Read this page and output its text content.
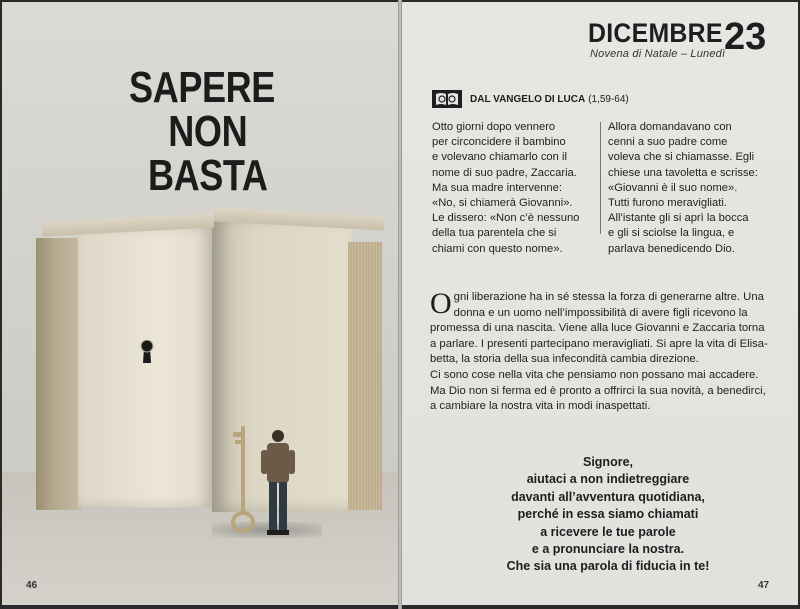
SAPERE
NON BASTA
DICEMBRE 23
Novena di Natale – Lunedì
DAL VANGELO DI LUCA (1,59-64)

Otto giorni dopo vennero

per circoncidere il bambino

e volevano chiamarlo con il

nome di suo padre, Zaccaria.

Ma sua madre intervenne:

«No, si chiamerà Giovanni».

Le dissero: «Non c’è nessuno

della tua parentela che si

chiami con questo nome».

Allora domandavano con

cenni a suo padre come

voleva che si chiamasse. Egli

chiese una tavoletta e scrisse:

«Giovanni è il suo nome».

Tutti furono meravigliati.

All’istante gli si aprì la bocca

e gli si sciolse la lingua, e

parlava benedicendo Dio.

O gni liberazione ha in sé stessa la forza di generarne altre. Una

donna e un uomo nell’impossibilità di avere figli ricevono la

promessa di una nascita. Viene alla luce Giovanni e Zaccaria torna

a parlare. I presenti partecipano meravigliati. Si apre la vita di Elisa-

betta, la storia della sua infecondità cambia direzione.

Ci sono cose nella vita che pensiamo non possano mai accadere.

Ma Dio non si ferma ed è pronto a offrirci la sua novità, a benedirci,

a cambiare la nostra vita in modi inaspettati.

Signore,
aiutaci a non indietreggiare
davanti all’avventura quotidiana,
perché in essa siamo chiamati
a ricevere le tue parole
e a pronunciare la nostra.
Che sia una parola di fiducia in te!
46	47
